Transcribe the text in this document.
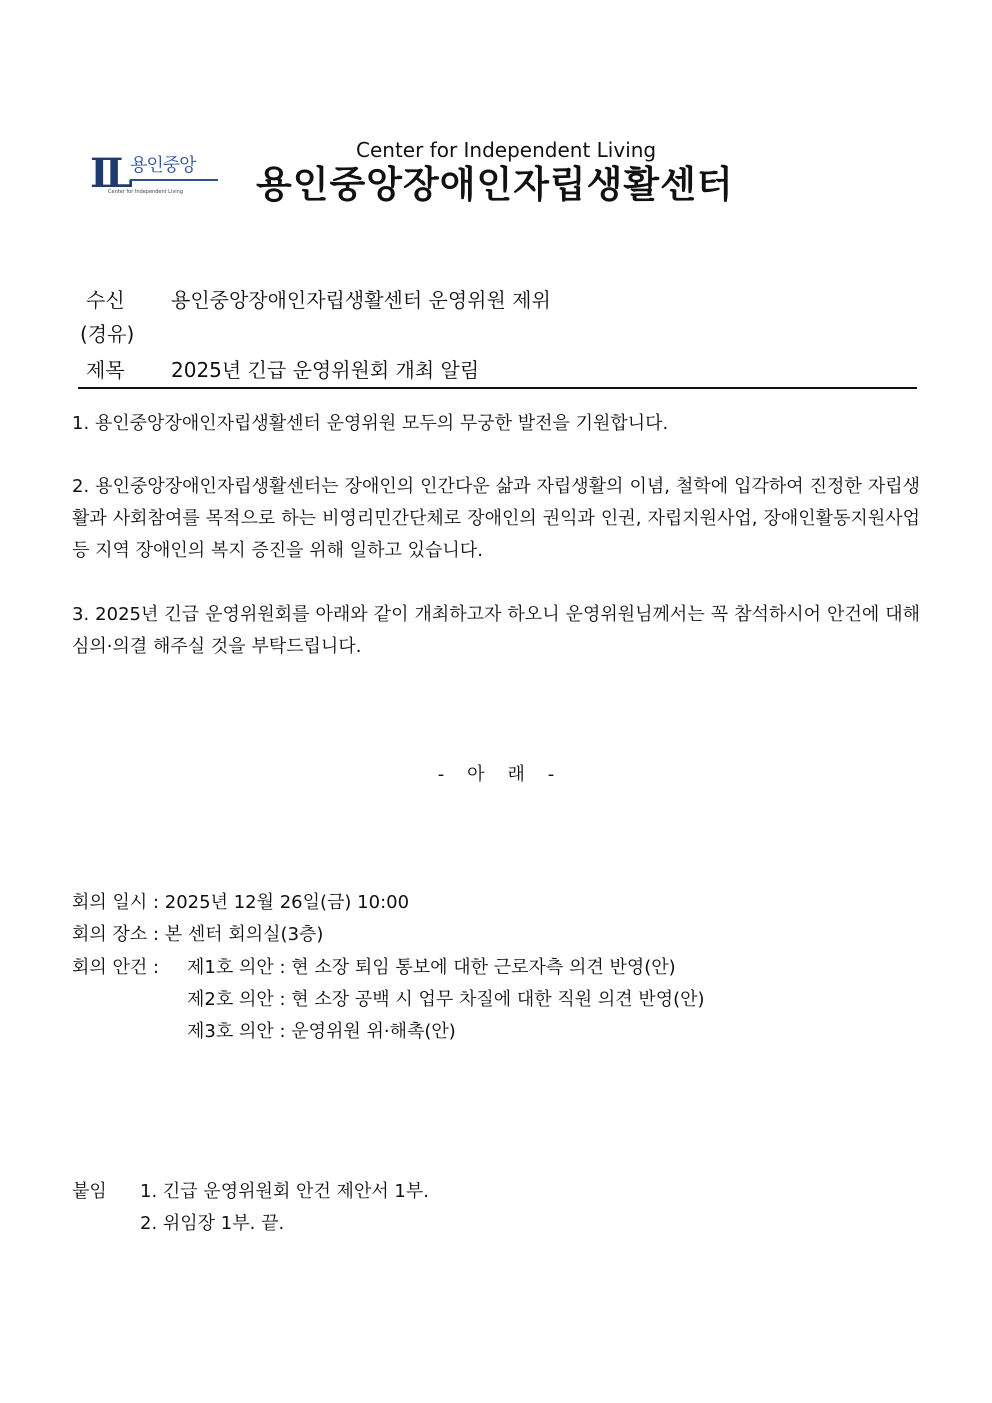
IL 용인중앙
Center for Independent Living
Center for Independent Living
용인중앙장애인자립생활센터
수신 용인중앙장애인자립생활센터 운영위원 제위
(경유)
제목 2025년 긴급 운영위원회 개최 알림
1. 용인중앙장애인자립생활센터 운영위원 모두의 무궁한 발전을 기원합니다.
2. 용인중앙장애인자립생활센터는 장애인의 인간다운 삶과 자립생활의 이념, 철학에 입각하여 진정한 자립생활과 사회참여를 목적으로 하는 비영리민간단체로 장애인의 권익과 인권, 자립지원사업, 장애인활동지원사업 등 지역 장애인의 복지 증진을 위해 일하고 있습니다.
3. 2025년 긴급 운영위원회를 아래와 같이 개최하고자 하오니 운영위원님께서는 꼭 참석하시어 안건에 대해 심의·의결 해주실 것을 부탁드립니다.
-    아    래    -
회의 일시 : 2025년 12월 26일(금) 10:00
회의 장소 : 본 센터 회의실(3층)
회의 안건 : 제1호 의안 : 현 소장 퇴임 통보에 대한 근로자측 의견 반영(안)
제2호 의안 : 현 소장 공백 시 업무 차질에 대한 직원 의견 반영(안)
제3호 의안 : 운영위원 위·해촉(안)
붙임 1. 긴급 운영위원회 안건 제안서 1부.
2. 위임장 1부. 끝.
